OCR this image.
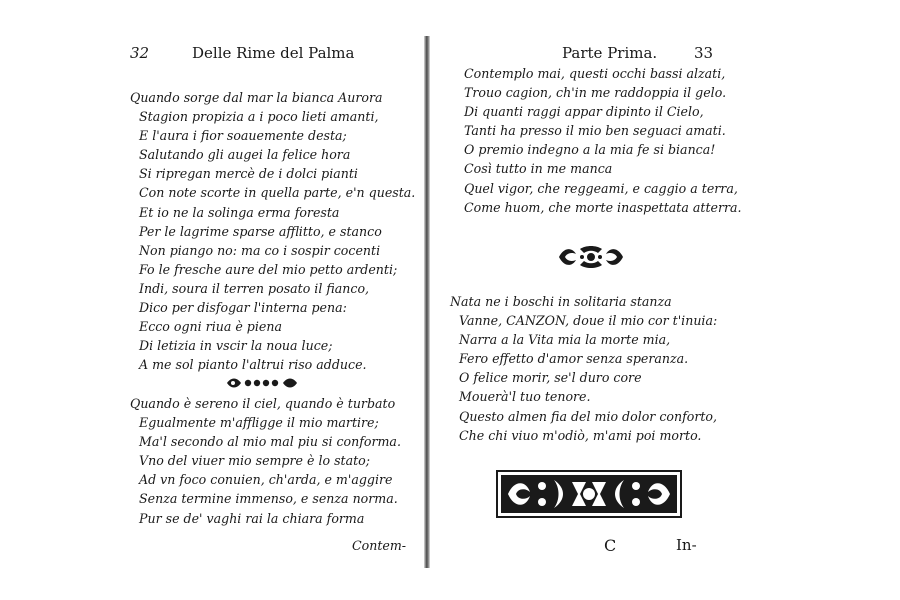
32	Delle Rime del Palma
Quando sorge dal mar la bianca Aurora
Stagion propizia a i poco lieti amanti,
E l'aura i fior soauemente desta;
Salutando gli augei la felice hora
Si ripregan mercè de i dolci pianti
Con note scorte in quella parte, e'n questa.
Et io ne la solinga erma foresta
Per le lagrime sparse afflitto, e stanco
Non piango no: ma co i sospir cocenti
Fo le fresche aure del mio petto ardenti;
Indi, soura il terren posato il fianco,
Dico per disfogar l'interna pena:
Ecco ogni riua è piena
Di letizia in vscir la noua luce;
A me sol pianto l'altrui riso adduce.
Quando è sereno il ciel, quando è turbato
Egualmente m'affligge il mio martire;
Ma'l secondo al mio mal piu si conforma.
Vno del viuer mio sempre è lo stato;
Ad vn foco conuien, ch'arda, e m'aggire
Senza termine immenso, e senza norma.
Pur se de' vaghi rai la chiara forma
Contem-
Parte Prima. 33
Contemplo mai, questi occhi bassi alzati,
Trouo cagion, ch'in me raddoppia il gelo.
Di quanti raggi appar dipinto il Cielo,
Tanti ha presso il mio ben seguaci amati.
O premio indegno a la mia fe si bianca!
Così tutto in me manca
Quel vigor, che reggeami, e caggio a terra,
Come huom, che morte inaspettata atterra.
Nata ne i boschi in solitaria stanza
Vanne, CANZON, doue il mio cor t'inuia:
Narra a la Vita mia la morte mia,
Fero effetto d'amor senza speranza.
O felice morir, se'l duro core
Mouerà'l tuo tenore.
Questo almen fia del mio dolor conforto,
Che chi viuo m'odiò, m'ami poi morto.
C	In-
